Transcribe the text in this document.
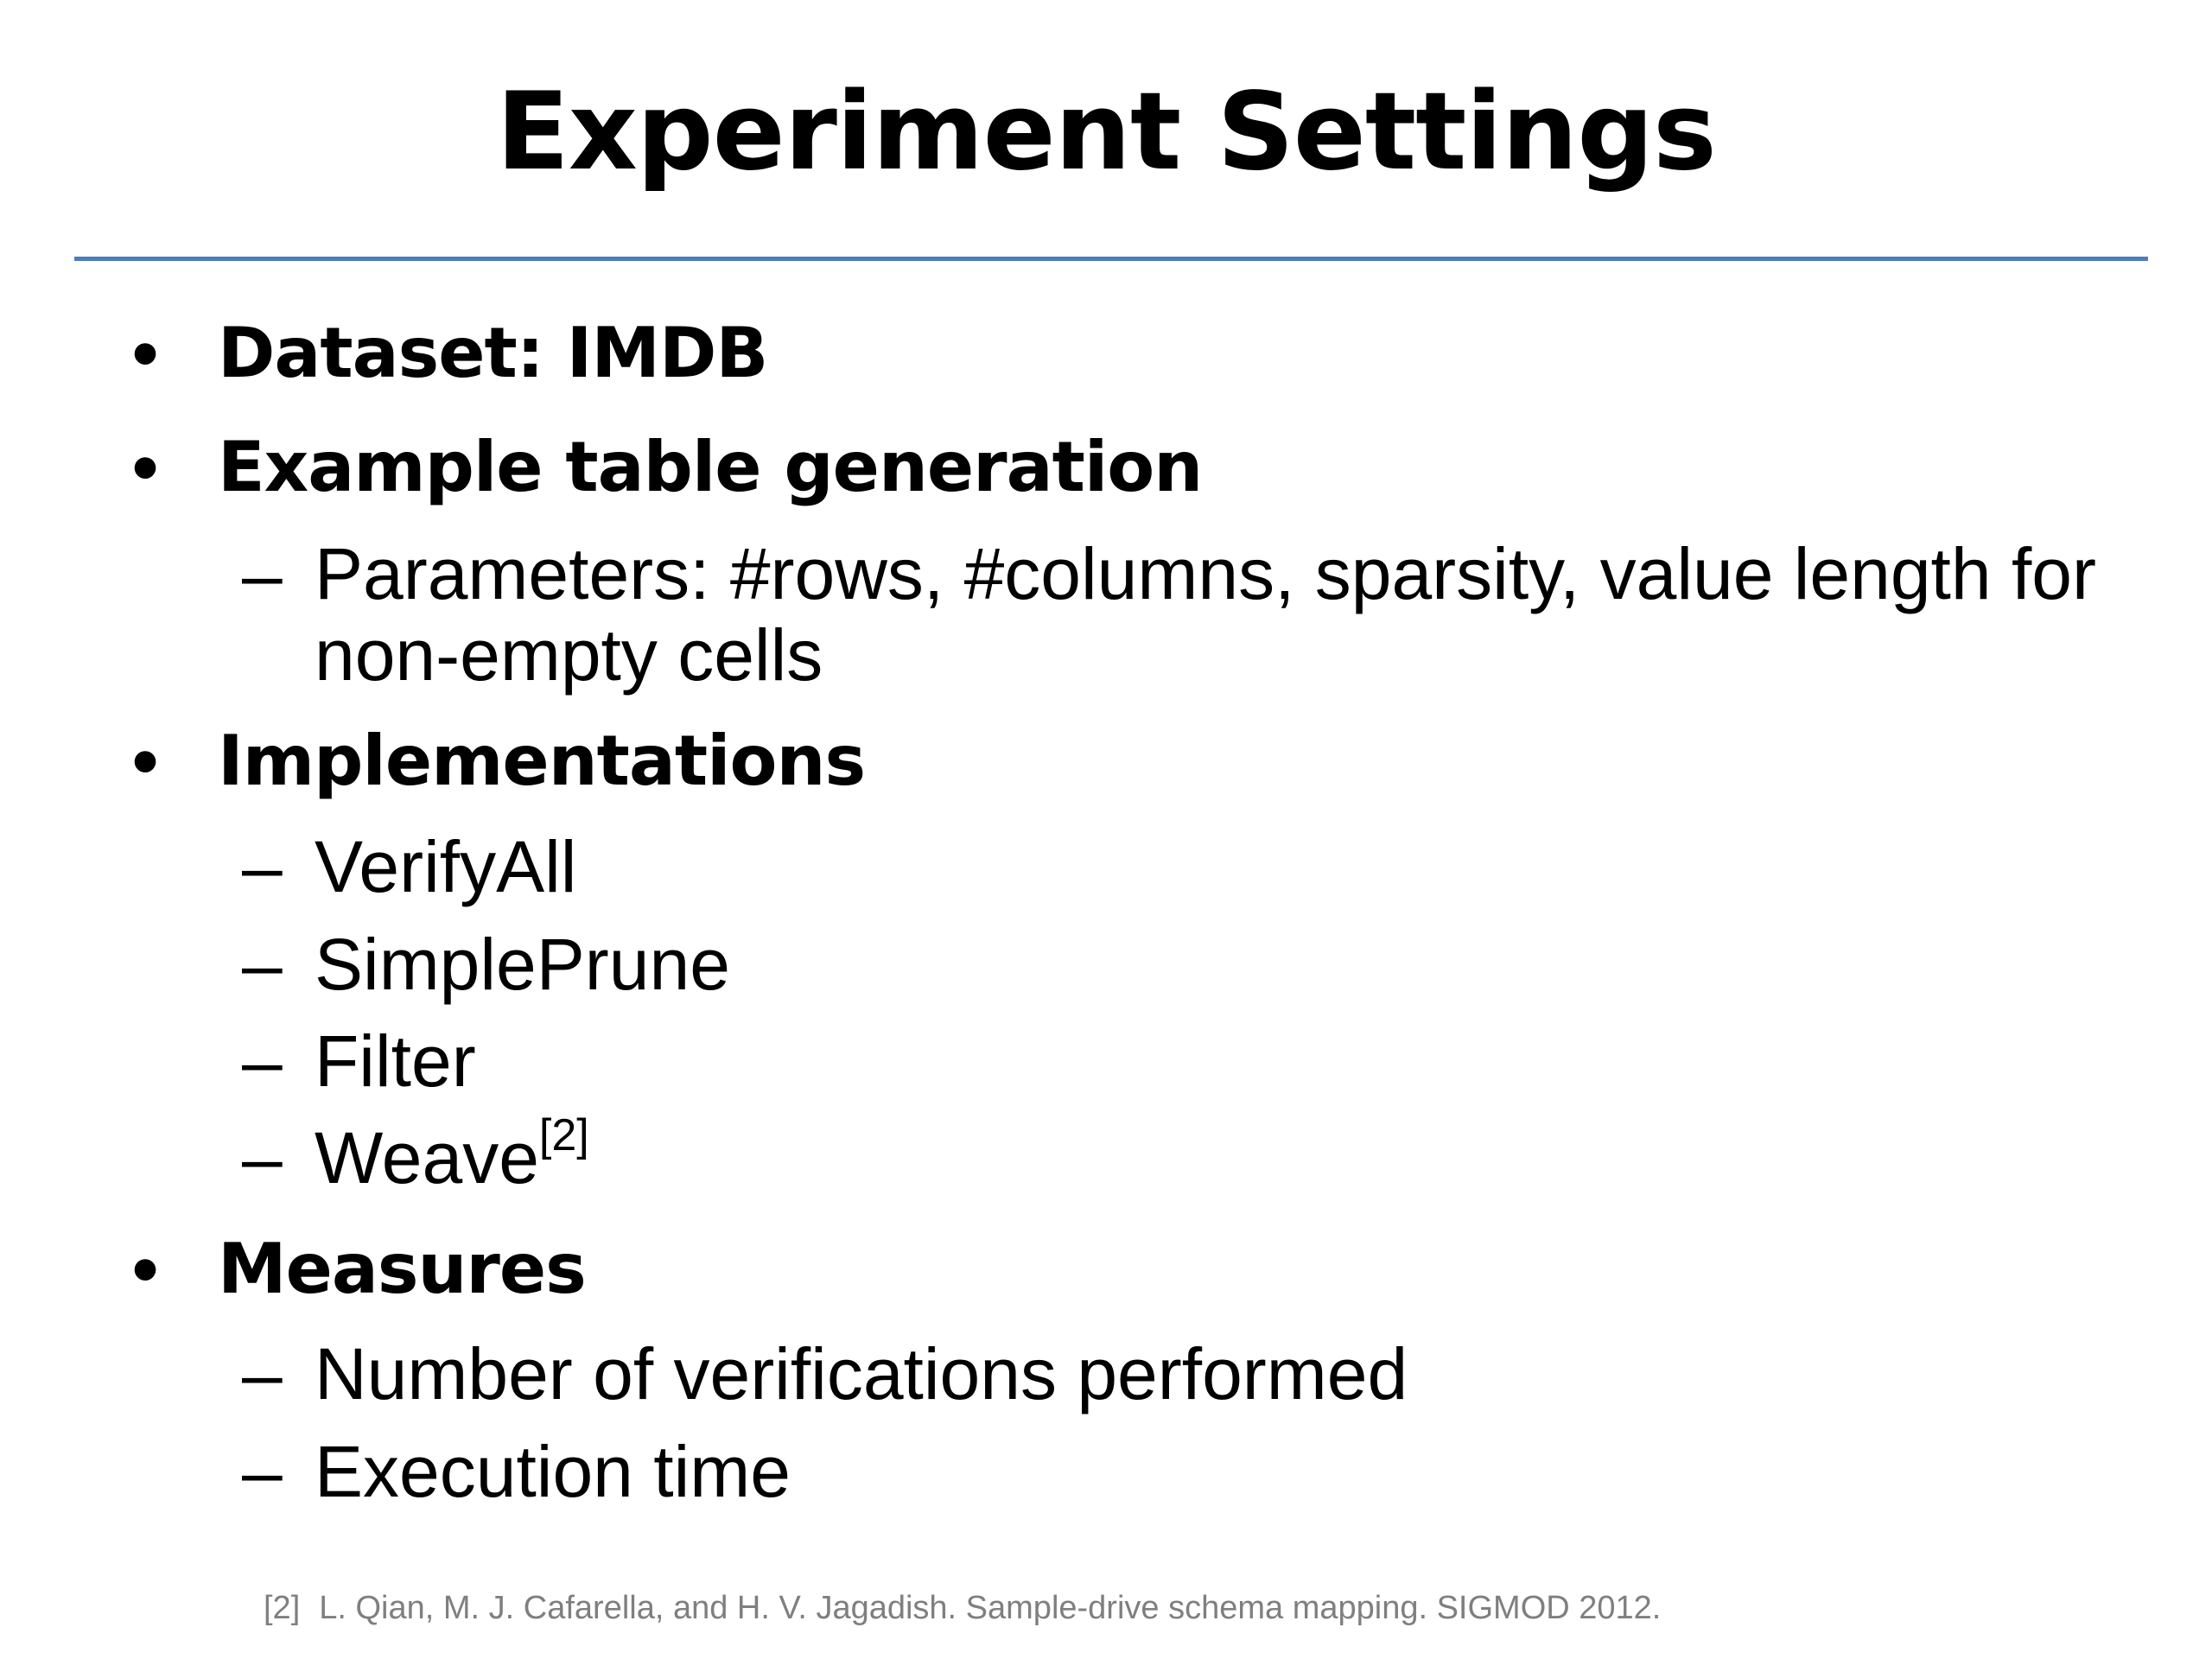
Experiment Settings
• Dataset: IMDB
• Example table generation
– Parameters: #rows, #columns, sparsity, value length for non-empty cells
• Implementations
– VerifyAll
– SimplePrune
– Filter
– Weave[2]
• Measures
– Number of verifications performed
– Execution time
[2] L. Qian, M. J. Cafarella, and H. V. Jagadish. Sample-drive schema mapping. SIGMOD 2012.
